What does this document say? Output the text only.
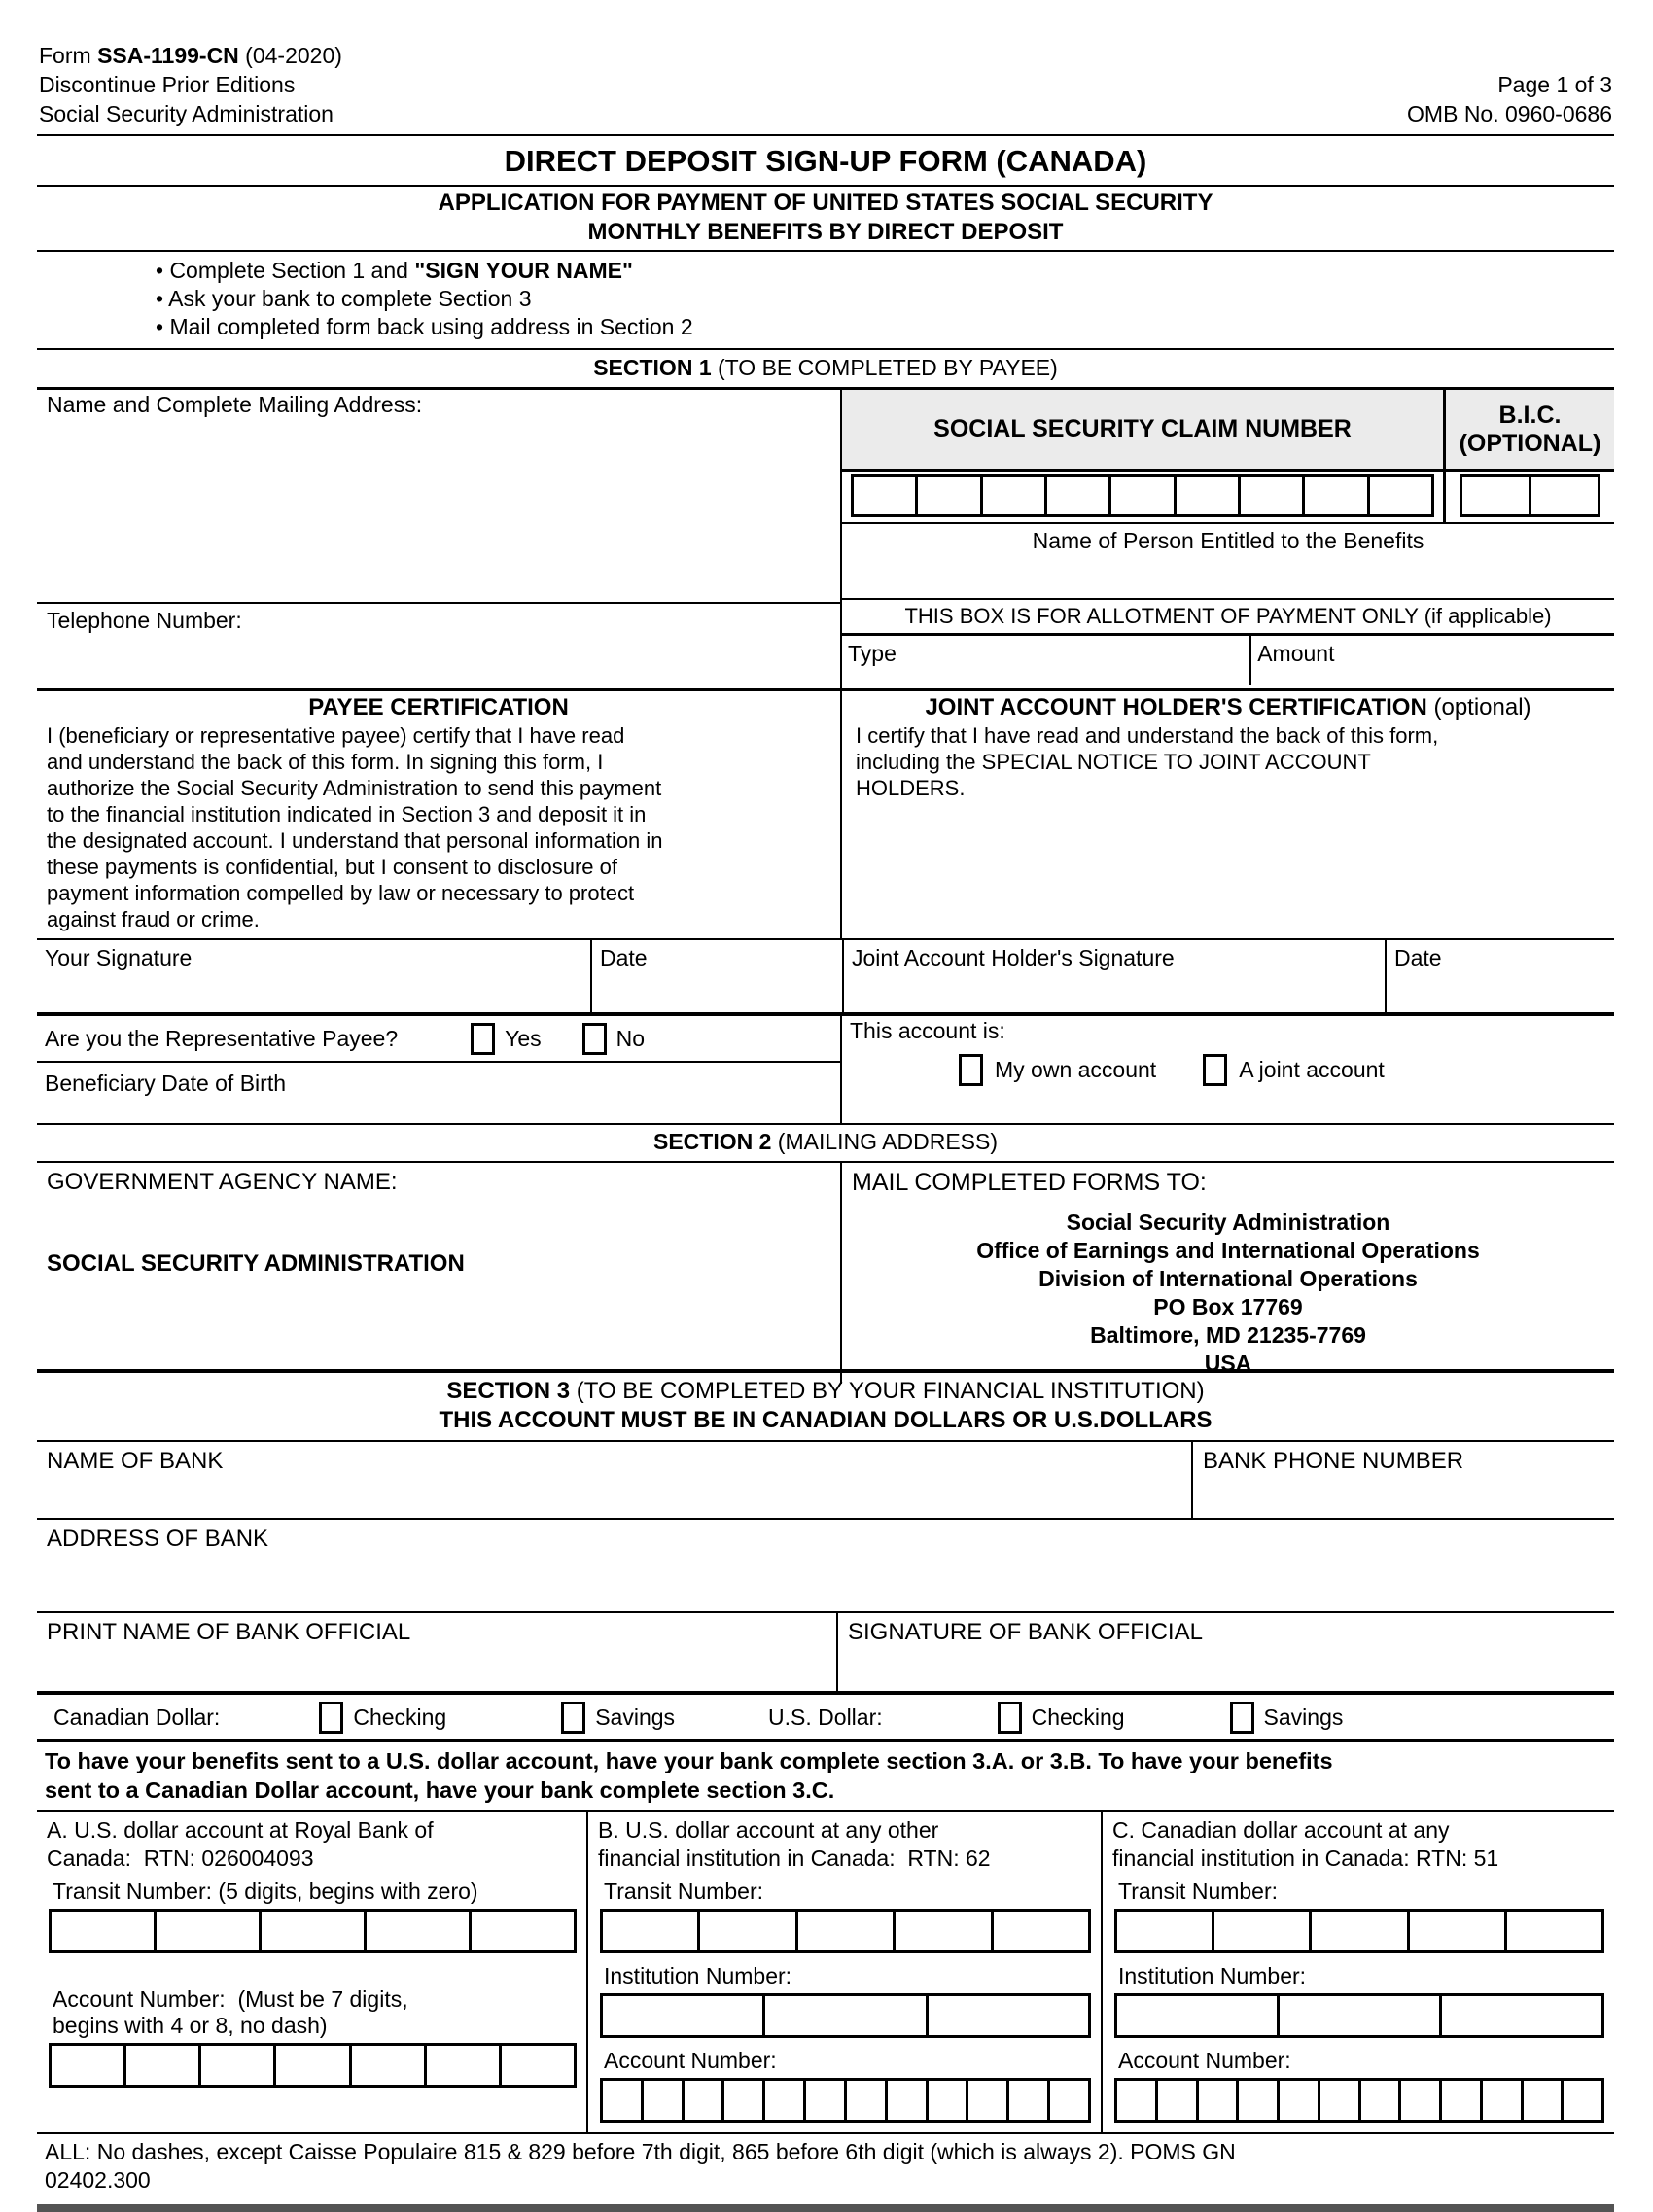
Form SSA-1199-CN (04-2020)
Discontinue Prior Editions
Social Security Administration
Page 1 of 3
OMB No. 0960-0686
DIRECT DEPOSIT SIGN-UP FORM (CANADA)
APPLICATION FOR PAYMENT OF UNITED STATES SOCIAL SECURITY
MONTHLY BENEFITS BY DIRECT DEPOSIT
• Complete Section 1 and "SIGN YOUR NAME"
• Ask your bank to complete Section 3
• Mail completed form back using address in Section 2
SECTION 1 (TO BE COMPLETED BY PAYEE)
Name and Complete Mailing Address:
Telephone Number:
SOCIAL SECURITY CLAIM NUMBER
B.I.C.
(OPTIONAL)
Name of Person Entitled to the Benefits
THIS BOX IS FOR ALLOTMENT OF PAYMENT ONLY (if applicable)
Type	Amount
PAYEE CERTIFICATION
I (beneficiary or representative payee) certify that I have read
and understand the back of this form. In signing this form, I
authorize the Social Security Administration to send this payment
to the financial institution indicated in Section 3 and deposit it in
the designated account. I understand that personal information in
these payments is confidential, but I consent to disclosure of
payment information compelled by law or necessary to protect
against fraud or crime.
JOINT ACCOUNT HOLDER'S CERTIFICATION (optional)
I certify that I have read and understand the back of this form,
including the SPECIAL NOTICE TO JOINT ACCOUNT
HOLDERS.
Your Signature	Date	Joint Account Holder's Signature	Date
Are you the Representative Payee?	Yes	No
Beneficiary Date of Birth
This account is:
My own account	A joint account
SECTION 2 (MAILING ADDRESS)
GOVERNMENT AGENCY NAME:
SOCIAL SECURITY ADMINISTRATION
MAIL COMPLETED FORMS TO:
Social Security Administration
Office of Earnings and International Operations
Division of International Operations
PO Box 17769
Baltimore, MD 21235-7769
USA
SECTION 3 (TO BE COMPLETED BY YOUR FINANCIAL INSTITUTION)
THIS ACCOUNT MUST BE IN CANADIAN DOLLARS OR U.S.DOLLARS
NAME OF BANK	BANK PHONE NUMBER
ADDRESS OF BANK
PRINT NAME OF BANK OFFICIAL	SIGNATURE OF BANK OFFICIAL
Canadian Dollar:	Checking	Savings	U.S. Dollar:	Checking	Savings
To have your benefits sent to a U.S. dollar account, have your bank complete section 3.A. or 3.B. To have your benefits
sent to a Canadian Dollar account, have your bank complete section 3.C.
A. U.S. dollar account at Royal Bank of
Canada:  RTN: 026004093
Transit Number: (5 digits, begins with zero)
Account Number:  (Must be 7 digits,
begins with 4 or 8, no dash)
B. U.S. dollar account at any other
financial institution in Canada:  RTN: 62
Transit Number:
Institution Number:
Account Number:
C. Canadian dollar account at any
financial institution in Canada: RTN: 51
Transit Number:
Institution Number:
Account Number:
ALL: No dashes, except Caisse Populaire 815 & 829 before 7th digit, 865 before 6th digit (which is always 2). POMS GN
02402.300
